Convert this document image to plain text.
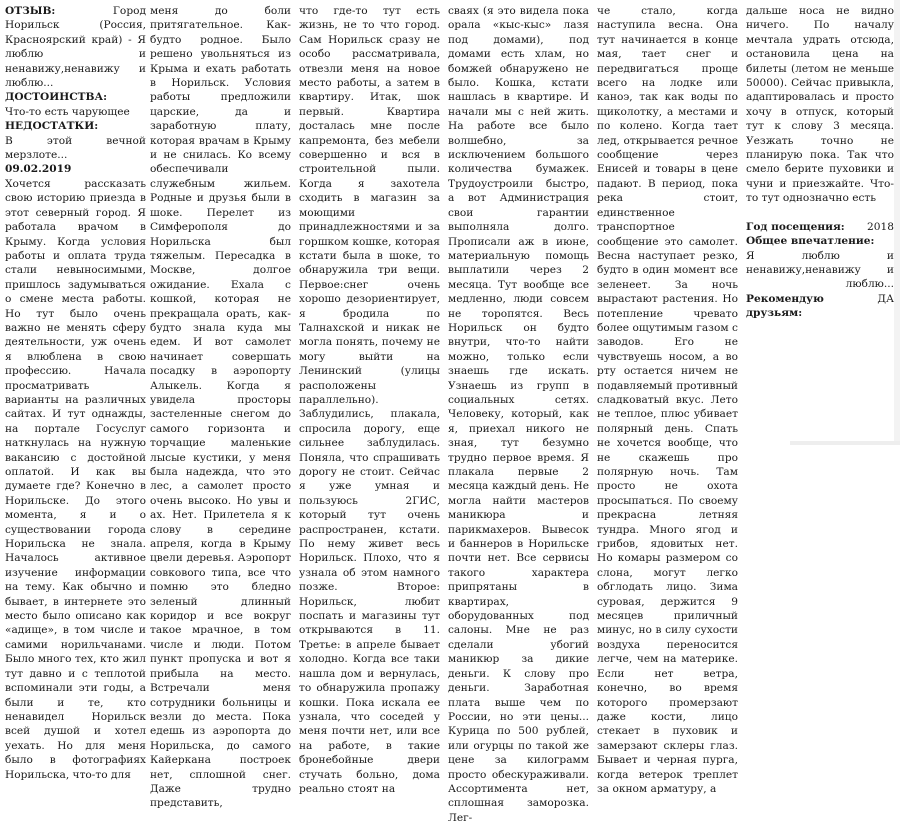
ОТЗЫВ:	Город Норильск (Россия, Красноярский край) - Я люблю и ненавижу,ненавижу и люблю...
ДОСТОИНСТВА:
Что-то есть чарующее
НЕДОСТАТКИ:
В этой вечной мерзлоте...
09.02.2019

Хочется рассказать свою историю приезда в этот северный город. Я работала врачом в Крыму. Когда условия работы и оплата труда стали невыносимыми, пришлось задумываться о смене места работы. Но тут было очень важно не менять сферу деятельности, уж очень я влюблена в свою профессию. Начала просматривать варианты на различных сайтах. И тут однажды, на портале Госуслуг наткнулась на нужную вакансию с достойной оплатой. И как вы думаете где? Конечно в Норильске. До этого момента, я и о существовании города Норильска не знала. Началось активное изучение информации на тему. Как обычно и бывает, в интернете это место было описано как «адище», в том числе и самими норильчанами. Было много тех, кто жил тут давно и с теплотой вспоминали эти годы, а были и те, кто ненавидел Норильск всей душой и хотел уехать. Но для меня было в фотографиях Норильска, что-то для

меня до боли притягательное. Как-будто родное. Было решено увольняться из Крыма и ехать работать в Норильск. Условия работы предложили царские, да и заработную плату, которая врачам в Крыму и не снилась. Ко всему обеспечивали служебным жильем. Родные и друзья были в шоке. Перелет из Симферополя до Норильска был тяжелым. Пересадка в Москве, долгое ожидание. Ехала с кошкой, которая не прекращала орать, как-будто знала куда мы едем. И вот самолет начинает совершать посадку в аэропорту Алыкель. Когда я увидела просторы застеленные снегом до самого горизонта и торчащие маленькие лысые кустики, у меня была надежда, что это лес, а самолет просто очень высоко. Но увы и ах. Нет. Прилетела я к слову в середине апреля, когда в Крыму цвели деревья. Аэропорт совкового типа, все что помню это бледно зеленый длинный коридор и все вокруг такое мрачное, в том числе и люди. Потом пункт пропуска и вот я прибыла на место. Встречали меня сотрудники больницы и везли до места. Пока едешь из аэропорта до Норильска, до самого Кайеркана построек нет, сплошной снег. Даже трудно представить,

что где-то тут есть жизнь, не то что город. Сам Норильск сразу не особо рассматривала, отвезли меня на новое место работы, а затем в квартиру. Итак, шок первый. Квартира досталась мне после капремонта, без мебели совершенно и вся в строительной пыли. Когда я захотела сходить в магазин за моющими принадлежностями и за горшком кошке, которая кстати была в шоке, то обнаружила три вещи. Первое:снег очень хорошо дезориентирует, я бродила по Талнахской и никак не могла понять, почему не могу выйти на Ленинский (улицы расположены параллельно). Заблудились, плакала, спросила дорогу, еще сильнее заблудилась. Поняла, что спрашивать дорогу не стоит. Сейчас я уже умная и пользуюсь 2ГИС, который тут очень распространен, кстати. По нему живет весь Норильск. Плохо, что я узнала об этом намного позже. Второе: Норильск, любит поспать и магазины тут открываются в 11. Третье: в апреле бывает холодно. Когда все таки нашла дом и вернулась, то обнаружила пропажу кошки. Пока искала ее узнала, что соседей у меня почти нет, или все на работе, в такие бронебойные двери стучать больно, дома реально стоят на

сваях (я это видела пока орала «кыс-кыс» лазя под домами), под домами есть хлам, но бомжей обнаружено не было. Кошка, кстати нашлась в квартире. И начали мы с ней жить. На работе все было волшебно, за исключением большого количества бумажек. Трудоустроили быстро, а вот Администрация свои гарантии выполняла долго. Прописали аж в июне, материальную помощь выплатили через 2 месяца. Тут вообще все медленно, люди совсем не торопятся. Весь Норильск он будто внутри, что-то найти можно, только если знаешь где искать. Узнаешь из групп в социальных сетях. Человеку, который, как я, приехал никого не зная, тут безумно трудно первое время. Я плакала первые 2 месяца каждый день. Не могла найти мастеров маникюра и парикмахеров. Вывесок и баннеров в Норильске почти нет. Все сервисы такого характера припрятаны в квартирах, оборудованных под салоны. Мне не раз сделали убогий маникюр за дикие деньги. К слову про деньги. Заработная плата выше чем по России, но эти цены... Курица по 500 рублей, или огурцы по такой же цене за килограмм просто обескураживали. Ассортимента нет, сплошная заморозка. Лег-

че стало, когда наступила весна. Она тут начинается в конце мая, тает снег и передвигаться проще всего на лодке или каноэ, так как воды по щиколотку, а местами и по колено. Когда тает лед, открывается речное сообщение через Енисей и товары в цене падают. В период, пока река стоит, единственное транспортное сообщение это самолет. Весна наступает резко, будто в один момент все зеленеет. За ночь вырастают растения. Но потепление чревато более ощутимым газом с заводов. Его не чувствуешь носом, а во рту остается ничем не подавляемый противный сладковатый вкус. Лето не теплое, плюс убивает полярный день. Спать не хочется вообще, что не скажешь про полярную ночь. Там просто не охота просыпаться. По своему прекрасна летняя тундра. Много ягод и грибов, ядовитых нет. Но комары размером со слона, могут легко обглодать лицо. Зима суровая, держится 9 месяцев приличный минус, но в силу сухости воздуха переносится легче, чем на материке. Если нет ветра, конечно, во время которого промерзают даже кости, лицо стекает в пуховик и замерзают склеры глаз. Бывает и черная пурга, когда ветерок треплет за окном арматуру, а

дальше носа не видно ничего. По началу мечтала удрать отсюда, остановила цена на билеты (летом не меньше 50000). Сейчас привыкла, адаптировалась и просто хочу в отпуск, который тут к слову 3 месяца. Уезжать точно не планирую пока. Так что смело берите пуховики и чуни и приезжайте. Что-то тут однозначно есть

Год посещения: 2018
Общее впечатление:
Я люблю и ненавижу,ненавижу и люблю...
Рекомендую друзьям:
ДА
